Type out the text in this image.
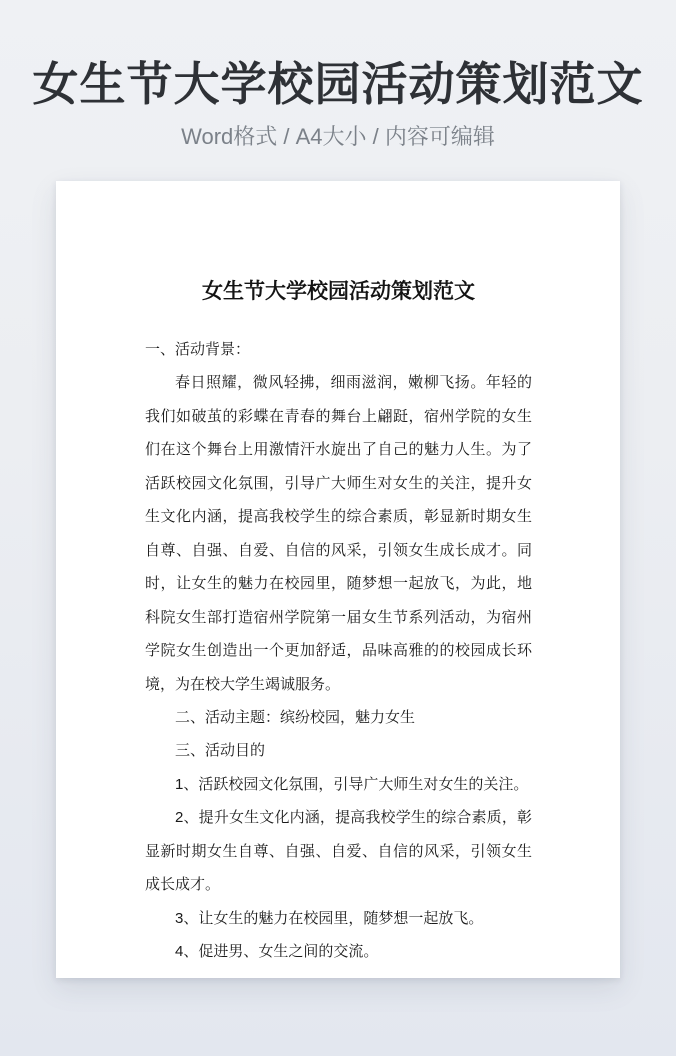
女生节大学校园活动策划范文

Word格式 / A4大小 / 内容可编辑

女生节大学校园活动策划范文

一、活动背景：

春日照耀，微风轻拂，细雨滋润，嫩柳飞扬。年轻的我们如破茧的彩蝶在青春的舞台上翩跹，宿州学院的女生们在这个舞台上用激情汗水旋出了自己的魅力人生。为了活跃校园文化氛围，引导广大师生对女生的关注，提升女生文化内涵，提高我校学生的综合素质，彰显新时期女生自尊、自强、自爱、自信的风采，引领女生成长成才。同时，让女生的魅力在校园里，随梦想一起放飞，为此，地科院女生部打造宿州学院第一届女生节系列活动，为宿州学院女生创造出一个更加舒适，品味高雅的的校园成长环境，为在校大学生竭诚服务。

二、活动主题：缤纷校园，魅力女生

三、活动目的

1、活跃校园文化氛围，引导广大师生对女生的关注。

2、提升女生文化内涵，提高我校学生的综合素质，彰显新时期女生自尊、自强、自爱、自信的风采，引领女生成长成才。

3、让女生的魅力在校园里，随梦想一起放飞。

4、促进男、女生之间的交流。
